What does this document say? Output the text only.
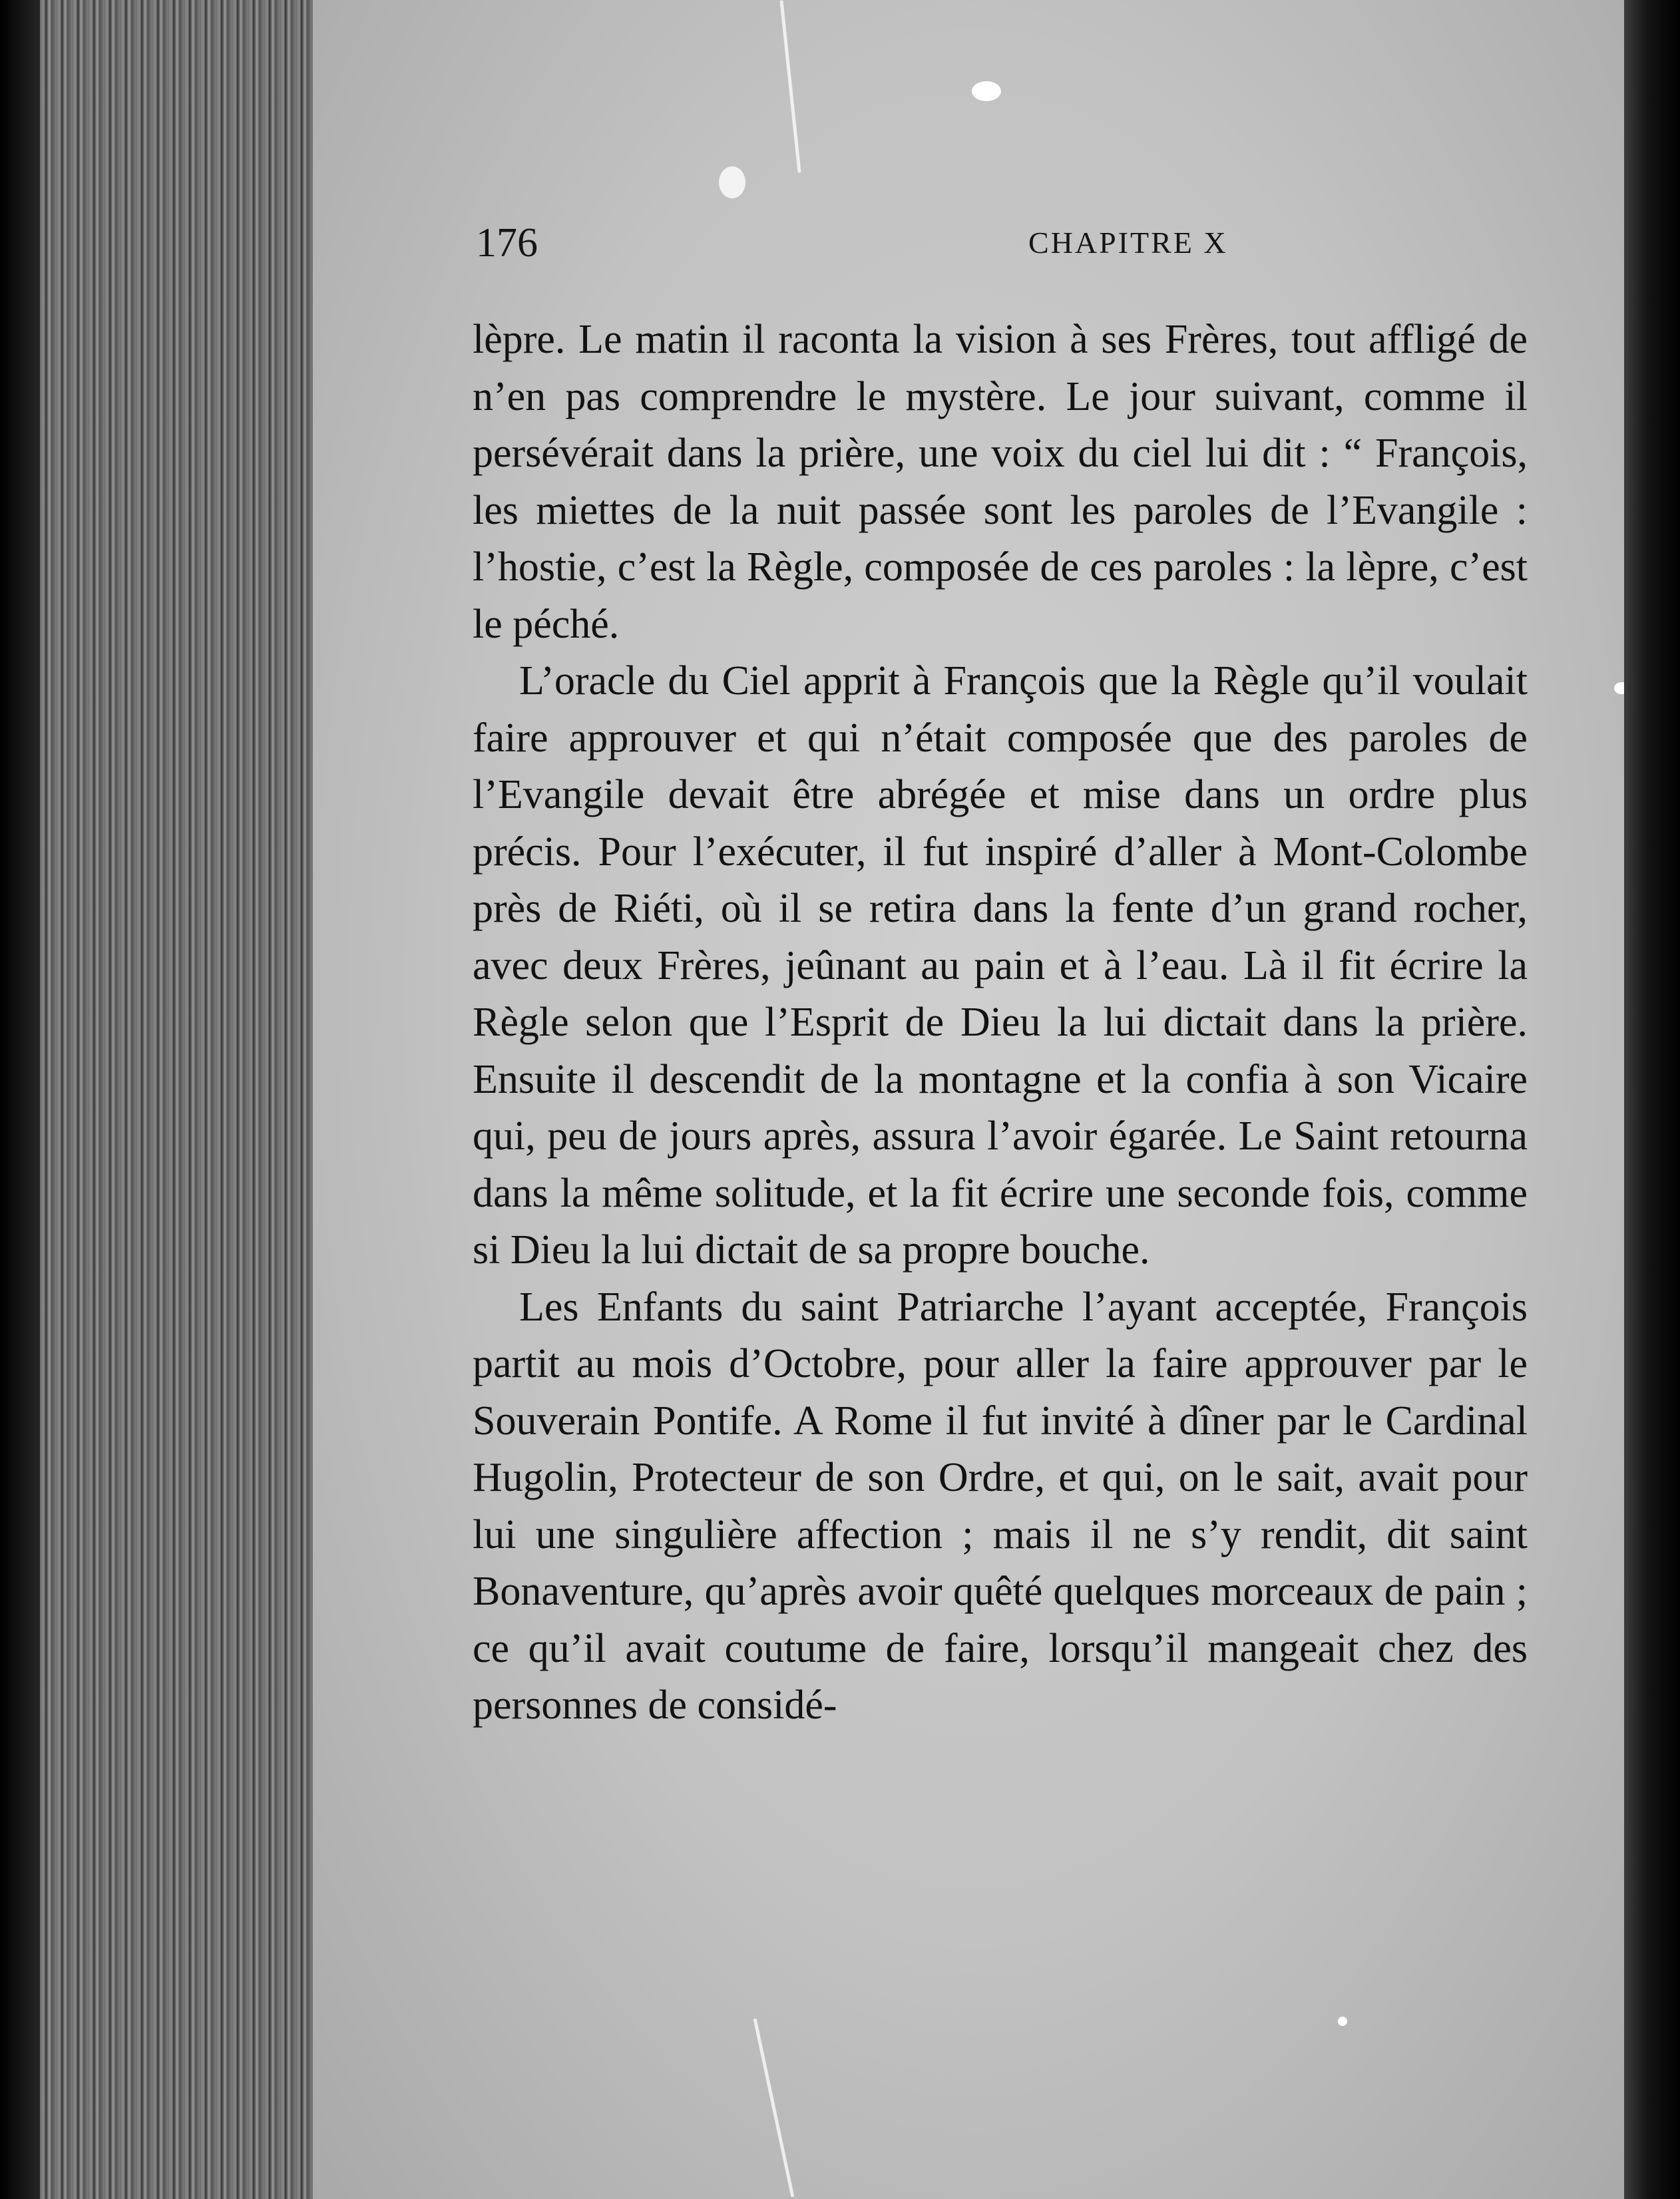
176	CHAPITRE X

lèpre. Le matin il raconta la vision à ses Frères, tout affligé de n’en pas comprendre le mystère. Le jour suivant, comme il persévérait dans la prière, une voix du ciel lui dit : “ François, les miettes de la nuit passée sont les paroles de l’Evangile : l’hostie, c’est la Règle, composée de ces paroles : la lèpre, c’est le péché.

L’oracle du Ciel apprit à François que la Règle qu’il voulait faire approuver et qui n’était composée que des paroles de l’Evangile devait être abrégée et mise dans un ordre plus précis. Pour l’exécuter, il fut inspiré d’aller à Mont-Colombe près de Riéti, où il se retira dans la fente d’un grand rocher, avec deux Frères, jeûnant au pain et à l’eau. Là il fit écrire la Règle selon que l’Esprit de Dieu la lui dictait dans la prière. Ensuite il descendit de la montagne et la confia à son Vicaire qui, peu de jours après, assura l’avoir égarée. Le Saint retourna dans la même solitude, et la fit écrire une seconde fois, comme si Dieu la lui dictait de sa propre bouche.

Les Enfants du saint Patriarche l’ayant acceptée, François partit au mois d’Octobre, pour aller la faire approuver par le Souverain Pontife. A Rome il fut invité à dîner par le Cardinal Hugolin, Protecteur de son Ordre, et qui, on le sait, avait pour lui une singulière affection ; mais il ne s’y rendit, dit saint Bonaventure, qu’après avoir quêté quelques morceaux de pain ; ce qu’il avait coutume de faire, lorsqu’il mangeait chez des personnes de considé-
